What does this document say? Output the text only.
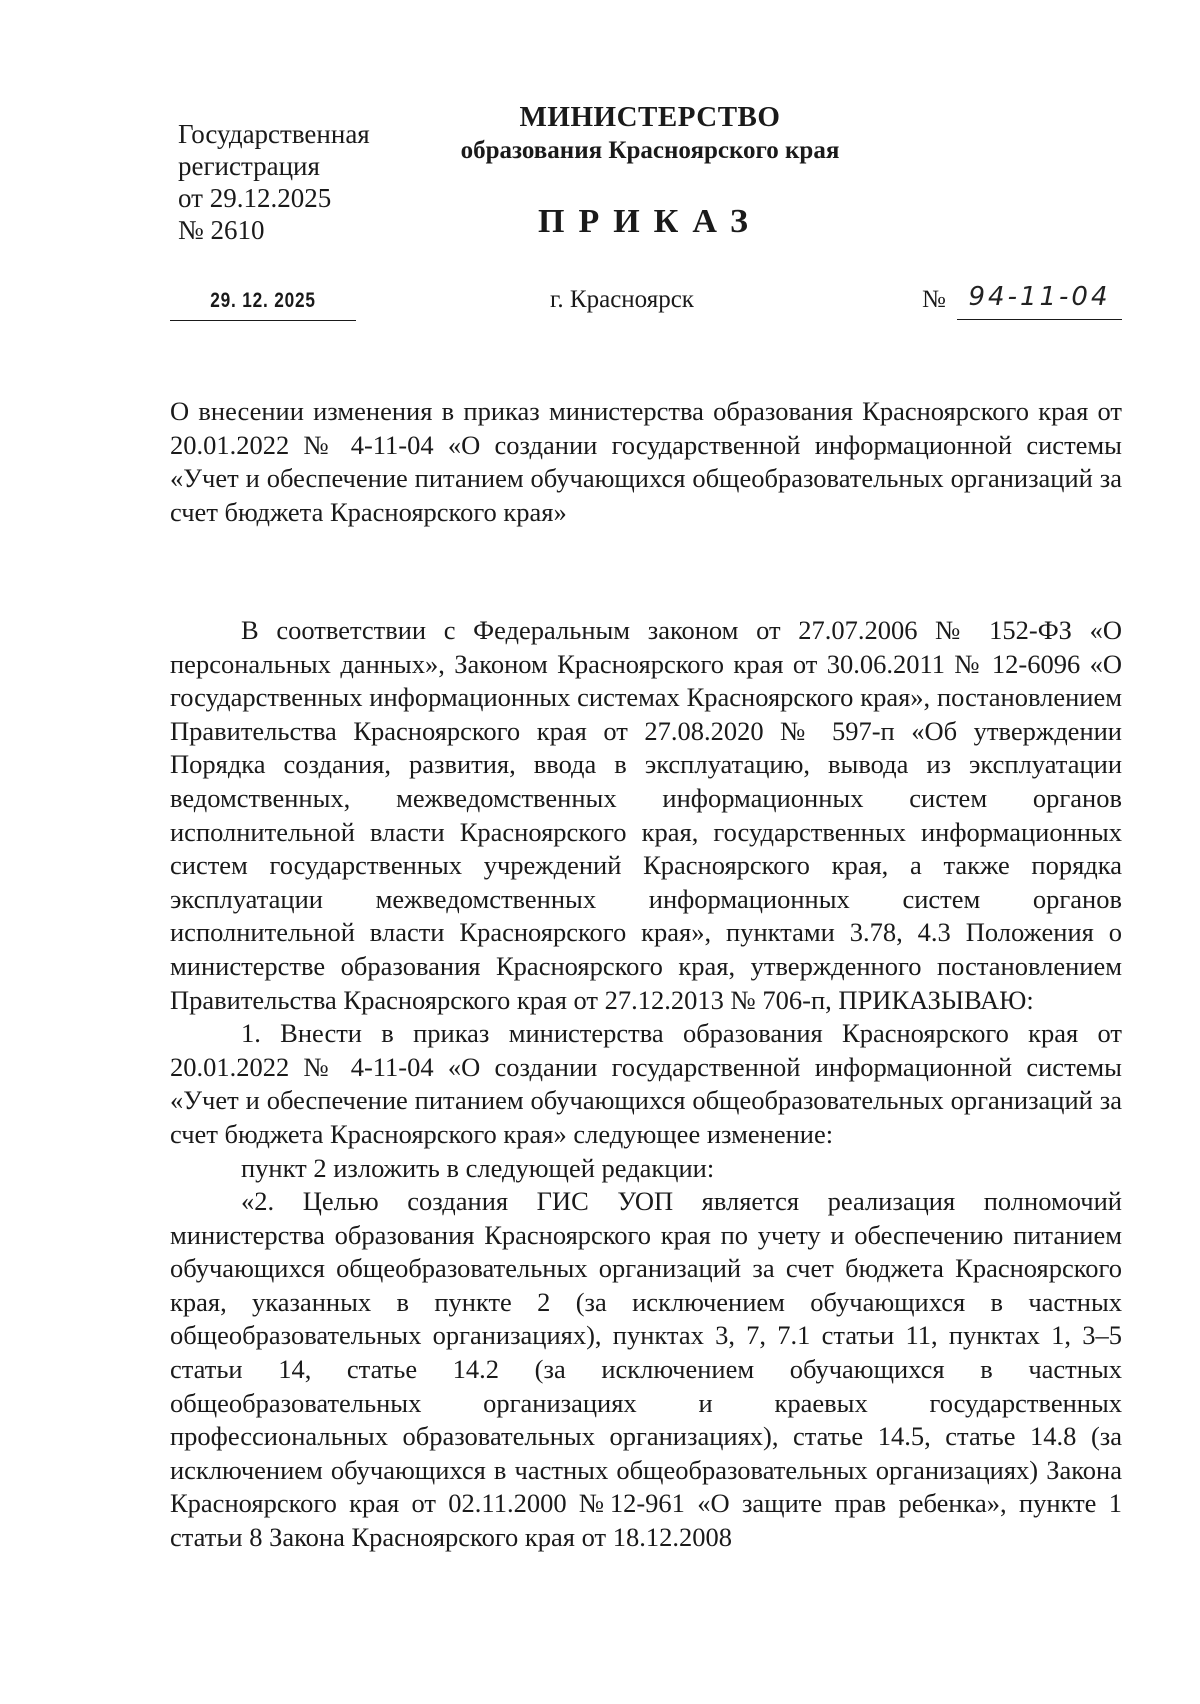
Государственная
регистрация
от 29.12.2025
№ 2610
МИНИСТЕРСТВО
образования Красноярского края
ПРИКАЗ
29. 12. 2025	г. Красноярск	№ 94-11-04
О внесении изменения в приказ министерства образования Красноярского края от 20.01.2022 № 4-11-04 «О создании государственной информационной системы «Учет и обеспечение питанием обучающихся общеобразовательных организаций за счет бюджета Красноярского края»

В соответствии с Федеральным законом от 27.07.2006 № 152-ФЗ «О персональных данных», Законом Красноярского края от 30.06.2011 № 12-6096 «О государственных информационных системах Красноярского края», постановлением Правительства Красноярского края от 27.08.2020 № 597-п «Об утверждении Порядка создания, развития, ввода в эксплуатацию, вывода из эксплуатации ведомственных, межведомственных информационных систем органов исполнительной власти Красноярского края, государственных информационных систем государственных учреждений Красноярского края, а также порядка эксплуатации межведомственных информационных систем органов исполнительной власти Красноярского края», пунктами 3.78, 4.3 Положения о министерстве образования Красноярского края, утвержденного постановлением Правительства Красноярского края от 27.12.2013 № 706-п, ПРИКАЗЫВАЮ:

1. Внести в приказ министерства образования Красноярского края от 20.01.2022 № 4-11-04 «О создании государственной информационной системы «Учет и обеспечение питанием обучающихся общеобразовательных организаций за счет бюджета Красноярского края» следующее изменение:

пункт 2 изложить в следующей редакции:

«2. Целью создания ГИС УОП является реализация полномочий министерства образования Красноярского края по учету и обеспечению питанием обучающихся общеобразовательных организаций за счет бюджета Красноярского края, указанных в пункте 2 (за исключением обучающихся в частных общеобразовательных организациях), пунктах 3, 7, 7.1 статьи 11, пунктах 1, 3–5 статьи 14, статье 14.2 (за исключением обучающихся в частных общеобразовательных организациях и краевых государственных профессиональных образовательных организациях), статье 14.5, статье 14.8 (за исключением обучающихся в частных общеобразовательных организациях) Закона Красноярского края от 02.11.2000 №12-961 «О защите прав ребенка», пункте 1 статьи 8 Закона Красноярского края от 18.12.2008
